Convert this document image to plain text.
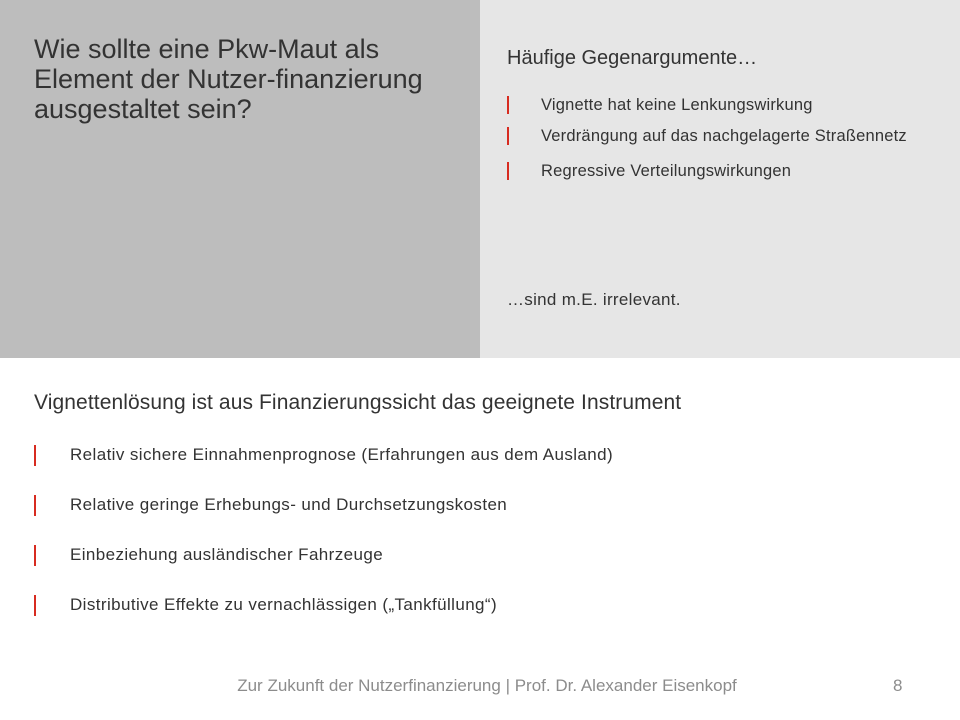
Wie sollte eine Pkw-Maut als Element der Nutzer-finanzierung ausgestaltet sein?
Häufige Gegenargumente…
Vignette hat keine Lenkungswirkung
Verdrängung auf das nachgelagerte Straßennetz
Regressive Verteilungswirkungen
…sind m.E. irrelevant.
Vignettenlösung ist aus Finanzierungssicht das geeignete Instrument
Relativ sichere Einnahmenprognose (Erfahrungen aus dem Ausland)
Relative geringe Erhebungs- und Durchsetzungskosten
Einbeziehung ausländischer Fahrzeuge
Distributive Effekte zu vernachlässigen („Tankfüllung“)
Zur Zukunft der Nutzerfinanzierung | Prof. Dr. Alexander Eisenkopf	8
